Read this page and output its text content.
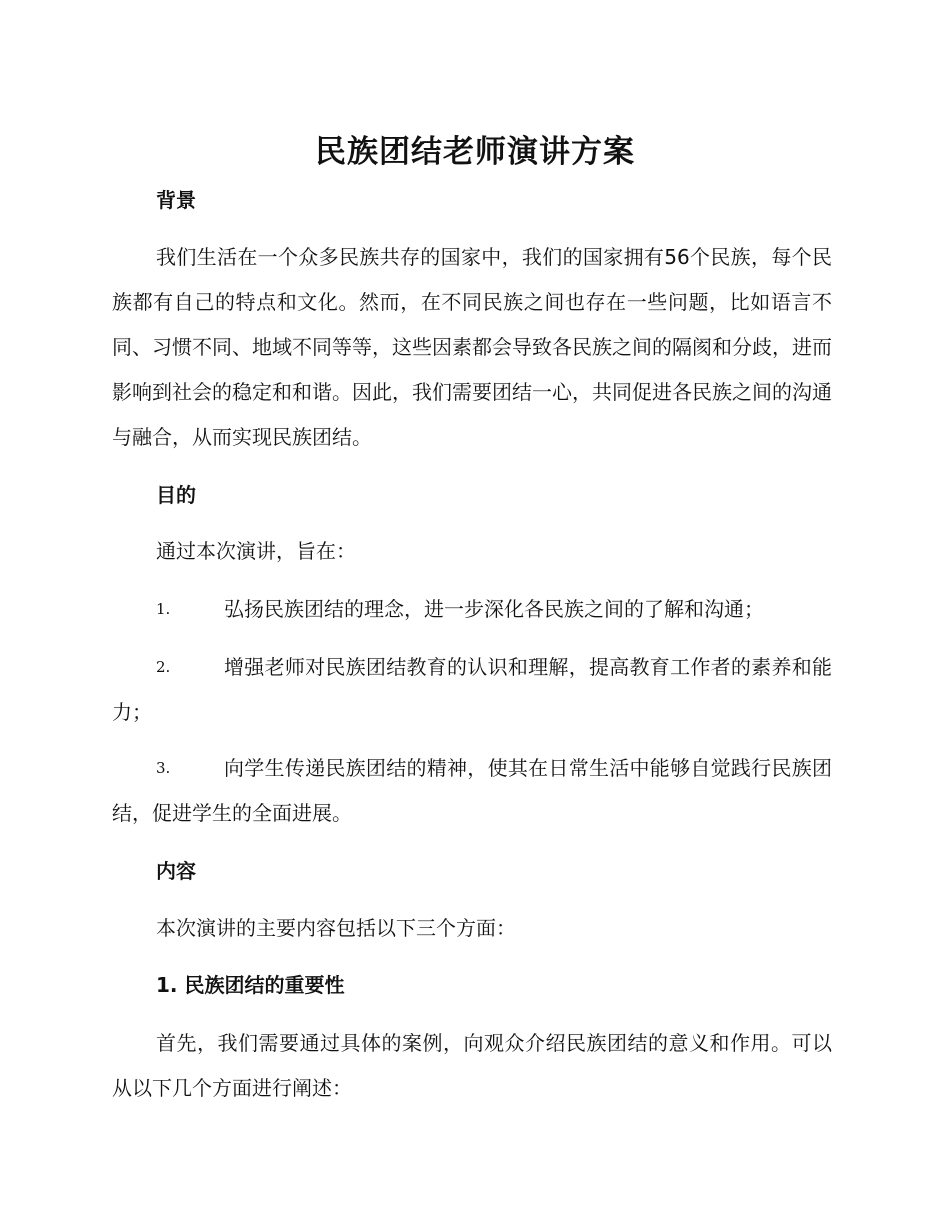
民族团结老师演讲方案
背景

我们生活在一个众多民族共存的国家中，我们的国家拥有56个民族，每个民族都有自己的特点和文化。然而，在不同民族之间也存在一些问题，比如语言不同、习惯不同、地域不同等等，这些因素都会导致各民族之间的隔阂和分歧，进而影响到社会的稳定和和谐。因此，我们需要团结一心，共同促进各民族之间的沟通与融合，从而实现民族团结。

目的
通过本次演讲，旨在：
1.	弘扬民族团结的理念，进一步深化各民族之间的了解和沟通；
2.	增强老师对民族团结教育的认识和理解，提高教育工作者的素养和能力；
3.	向学生传递民族团结的精神，使其在日常生活中能够自觉践行民族团结，促进学生的全面进展。
内容
本次演讲的主要内容包括以下三个方面：
1. 民族团结的重要性

首先，我们需要通过具体的案例，向观众介绍民族团结的意义和作用。可以从以下几个方面进行阐述：
